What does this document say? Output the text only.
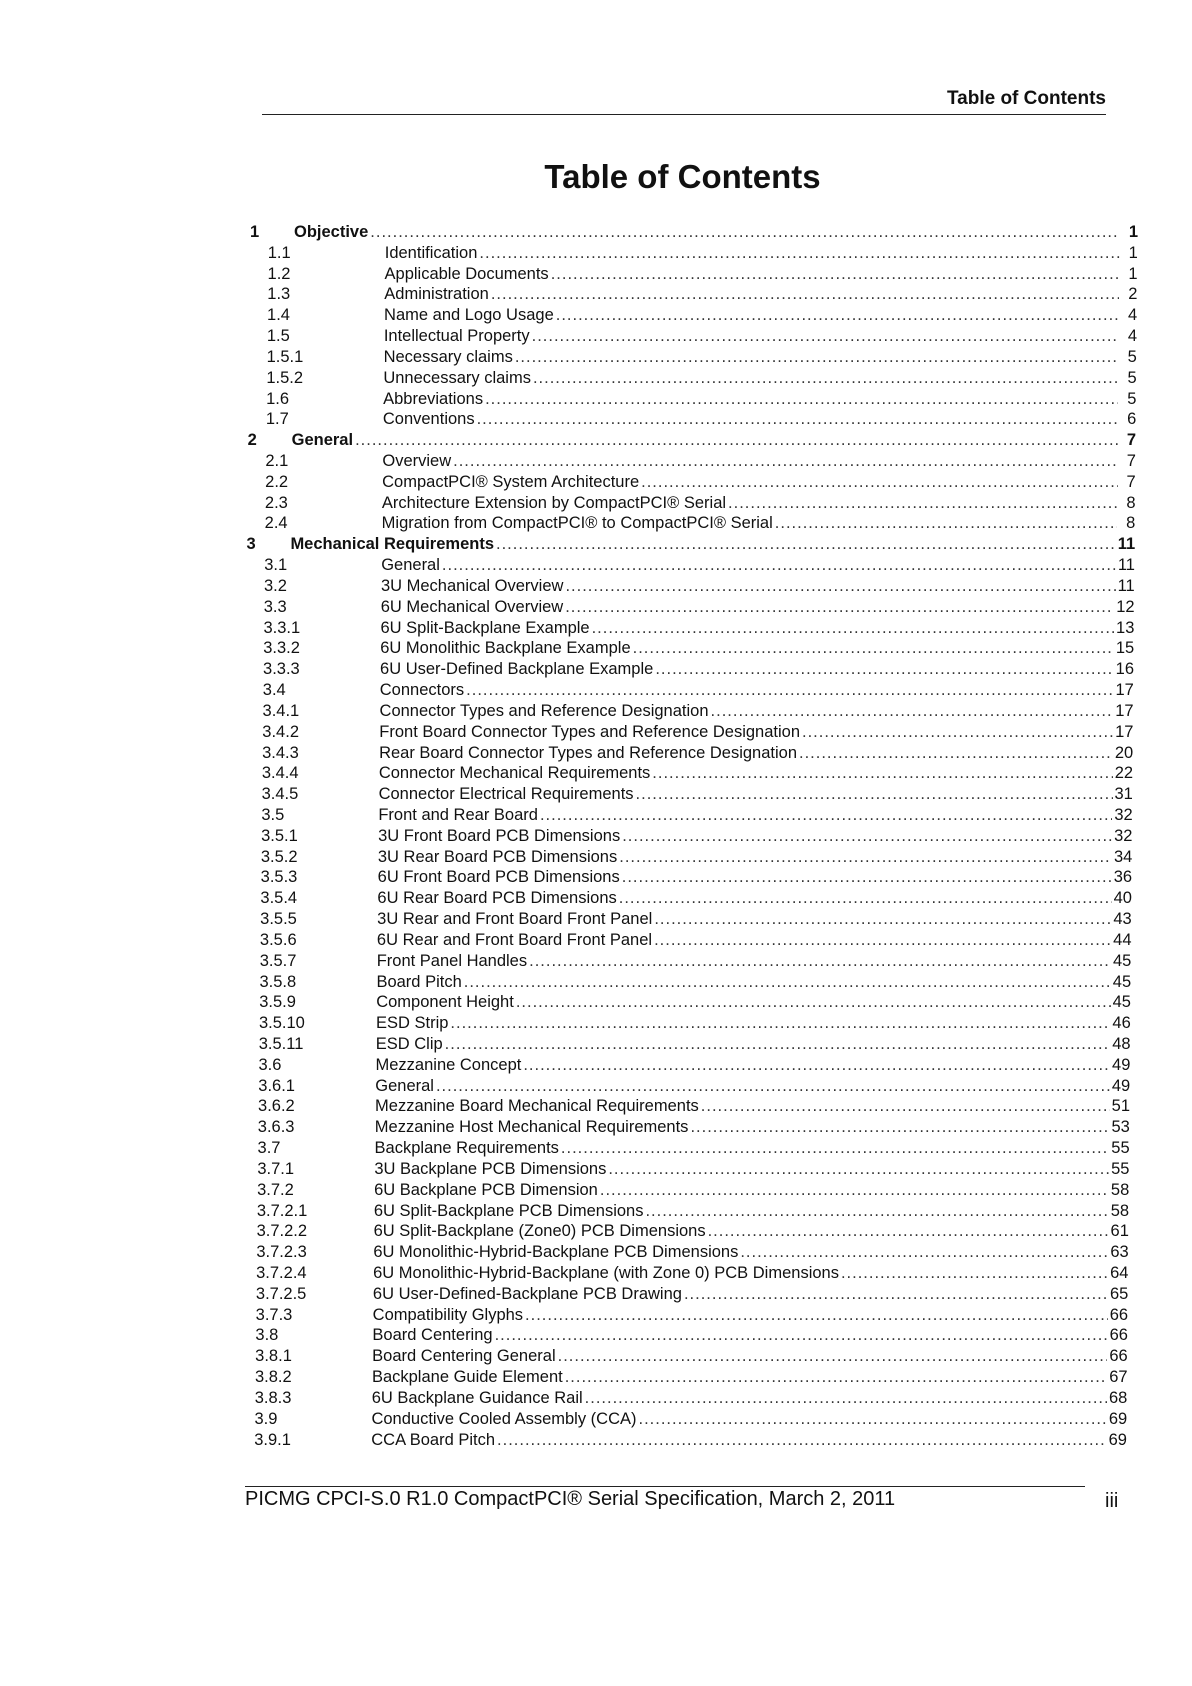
Table of Contents
Table of Contents
1 Objective .....	1
1.1	Identification .....	1
1.2	Applicable Documents .....	1
1.3	Administration .....	2
1.4	Name and Logo Usage .....	4
1.5	Intellectual Property .....	4
1.5.1	Necessary claims .....	5
1.5.2	Unnecessary claims .....	5
1.6	Abbreviations .....	5
1.7	Conventions .....	6
2 General .....	7
2.1	Overview .....	7
2.2	CompactPCI® System Architecture .....	7
2.3	Architecture Extension by CompactPCI® Serial .....	8
2.4	Migration from CompactPCI® to CompactPCI® Serial .....	8
3 Mechanical Requirements .....	11
3.1	General .....	11
3.2	3U Mechanical Overview .....	11
3.3	6U Mechanical Overview .....	12
3.3.1	6U Split-Backplane Example .....	13
3.3.2	6U Monolithic Backplane Example .....	15
3.3.3	6U User-Defined Backplane Example .....	16
3.4	Connectors .....	17
3.4.1	Connector Types and Reference Designation .....	17
3.4.2	Front Board Connector Types and Reference Designation .....	17
3.4.3	Rear Board Connector Types and Reference Designation .....	20
3.4.4	Connector Mechanical Requirements .....	22
3.4.5	Connector Electrical Requirements .....	31
3.5	Front and Rear Board .....	32
3.5.1	3U Front Board PCB Dimensions .....	32
3.5.2	3U Rear Board PCB Dimensions .....	34
3.5.3	6U Front Board PCB Dimensions .....	36
3.5.4	6U Rear Board PCB Dimensions .....	40
3.5.5	3U Rear and Front Board Front Panel .....	43
3.5.6	6U Rear and Front Board Front Panel .....	44
3.5.7	Front Panel Handles .....	45
3.5.8	Board Pitch .....	45
3.5.9	Component Height .....	45
3.5.10	ESD Strip .....	46
3.5.11	ESD Clip .....	48
3.6	Mezzanine Concept .....	49
3.6.1	General .....	49
3.6.2	Mezzanine Board Mechanical Requirements .....	51
3.6.3	Mezzanine Host Mechanical Requirements .....	53
3.7	Backplane Requirements .....	55
3.7.1	3U Backplane PCB Dimensions .....	55
3.7.2	6U Backplane PCB Dimension .....	58
3.7.2.1	6U Split-Backplane PCB Dimensions .....	58
3.7.2.2	6U Split-Backplane (Zone0) PCB Dimensions .....	61
3.7.2.3	6U Monolithic-Hybrid-Backplane PCB Dimensions .....	63
3.7.2.4	6U Monolithic-Hybrid-Backplane (with Zone 0) PCB Dimensions .....	64
3.7.2.5	6U User-Defined-Backplane PCB Drawing .....	65
3.7.3	Compatibility Glyphs .....	66
3.8	Board Centering .....	66
3.8.1	Board Centering General .....	66
3.8.2	Backplane Guide Element .....	67
3.8.3	6U Backplane Guidance Rail .....	68
3.9	Conductive Cooled Assembly (CCA) .....	69
3.9.1	CCA Board Pitch .....	69
PICMG CPCI-S.0 R1.0 CompactPCI® Serial Specification, March 2, 2011	iii
